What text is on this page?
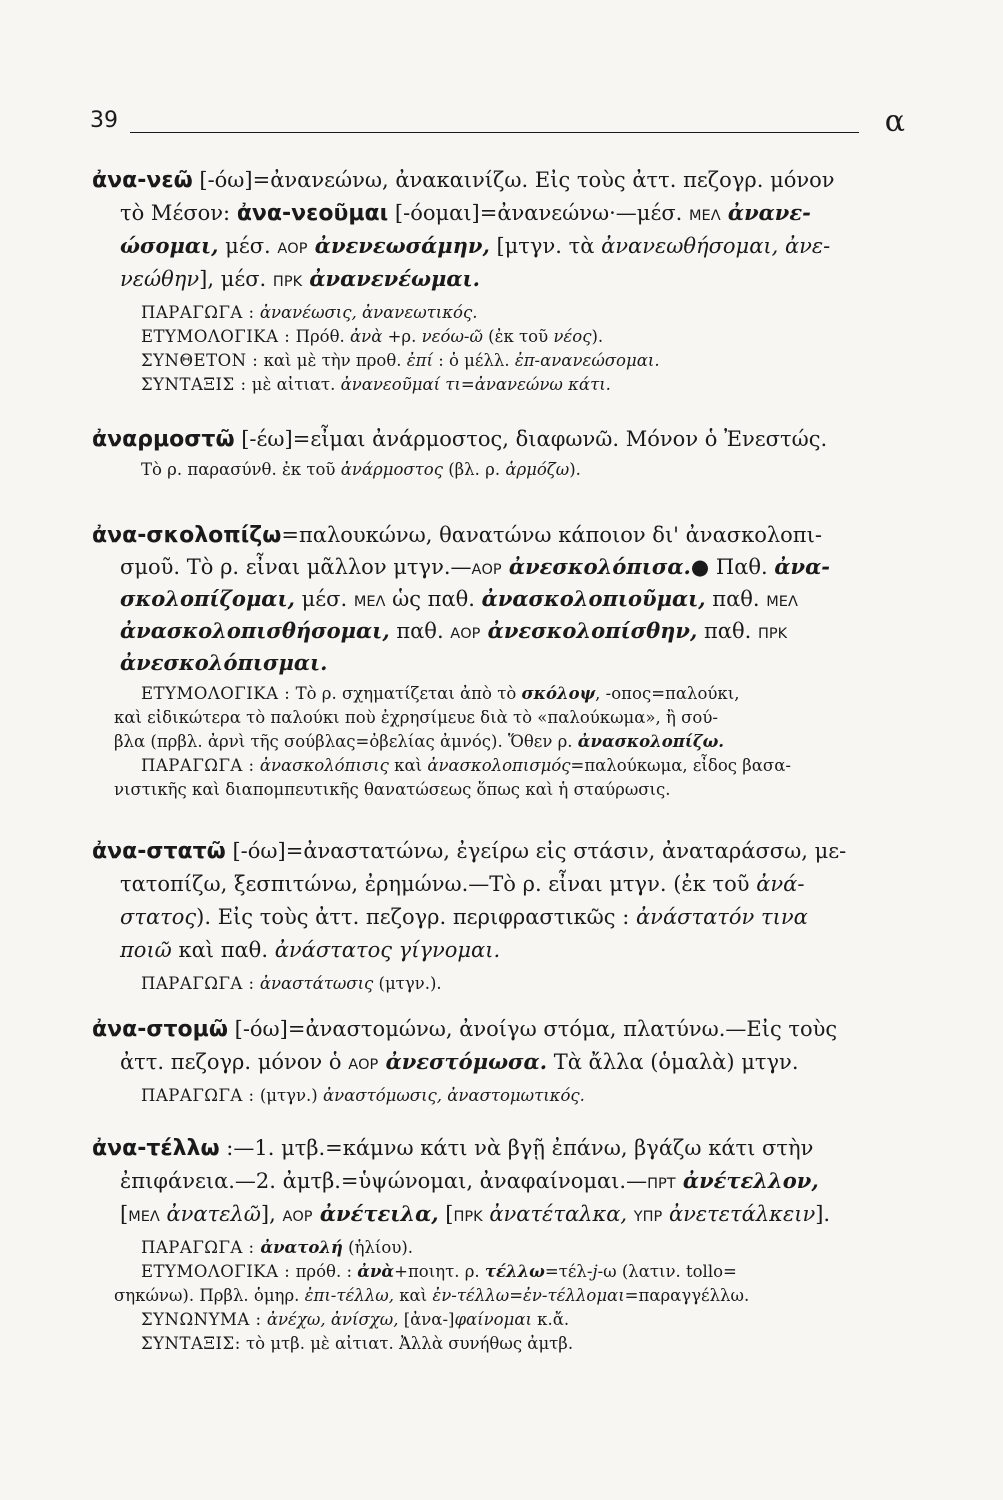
39	α
ἀνα-νεῶ [-όω]=ἀνανεώνω, ἀνακαινίζω. Εἰς τοὺς ἀττ. πεζογρ. μόνον
τὸ Μέσον: ἀνα-νεοῦμαι [-όομαι]=ἀνανεώνω·—μέσ. ΜΕΛ ἀνανε-
ώσομαι, μέσ. ΑΟΡ ἀνενεωσάμην, [μτγν. τὰ ἀνανεωθήσομαι, ἀνε-
νεώθην], μέσ. ΠΡΚ ἀνανενέωμαι.
ΠΑΡΑΓΩΓΑ : ἀνανέωσις, ἀνανεωτικός.
ΕΤΥΜΟΛΟΓΙΚΑ : Πρόθ. ἀνὰ +ρ. νεόω-ῶ (ἐκ τοῦ νέος).
ΣΥΝΘΕΤΟΝ : καὶ μὲ τὴν προθ. ἐπί : ὁ μέλλ. ἐπ-ανανεώσομαι.
ΣΥΝΤΑΞΙΣ : μὲ αἰτιατ. ἀνανεοῦμαί τι=ἀνανεώνω κάτι.
ἀναρμοστῶ [-έω]=εἶμαι ἀνάρμοστος, διαφωνῶ. Μόνον ὁ Ἐνεστώς.
Τὸ ρ. παρασύνθ. ἐκ τοῦ ἀνάρμοστος (βλ. ρ. ἁρμόζω).
ἀνα-σκολοπίζω=παλουκώνω, θανατώνω κάποιον δι' ἀνασκολοπι-
σμοῦ. Τὸ ρ. εἶναι μᾶλλον μτγν.—ΑΟΡ ἀνεσκολόπισα.● Παθ. ἀνα-
σκολοπίζομαι, μέσ. ΜΕΛ ὡς παθ. ἀνασκολοπιοῦμαι, παθ. ΜΕΛ
ἀνασκολοπισθήσομαι, παθ. ΑΟΡ ἀνεσκολοπίσθην, παθ. ΠΡΚ
ἀνεσκολόπισμαι.
ΕΤΥΜΟΛΟΓΙΚΑ : Τὸ ρ. σχηματίζεται ἀπὸ τὸ σκόλοψ, -οπος=παλούκι,
καὶ εἰδικώτερα τὸ παλούκι ποὺ ἐχρησίμευε διὰ τὸ «παλούκωμα», ἢ σού-
βλα (πρβλ. ἀρνὶ τῆς σούβλας=ὀβελίας ἀμνός). Ὅθεν ρ. ἀνασκολοπίζω.
ΠΑΡΑΓΩΓΑ : ἀνασκολόπισις καὶ ἀνασκολοπισμός=παλούκωμα, εἶδος βασα-
νιστικῆς καὶ διαπομπευτικῆς θανατώσεως ὅπως καὶ ἡ σταύρωσις.
ἀνα-στατῶ [-όω]=ἀναστατώνω, ἐγείρω εἰς στάσιν, ἀναταράσσω, με-
τατοπίζω, ξεσπιτώνω, ἐρημώνω.—Τὸ ρ. εἶναι μτγν. (ἐκ τοῦ ἀνά-
στατος). Εἰς τοὺς ἀττ. πεζογρ. περιφραστικῶς : ἀνάστατόν τινα
ποιῶ καὶ παθ. ἀνάστατος γίγνομαι.
ΠΑΡΑΓΩΓΑ : ἀναστάτωσις (μτγν.).
ἀνα-στομῶ [-όω]=ἀναστομώνω, ἀνοίγω στόμα, πλατύνω.—Εἰς τοὺς
ἀττ. πεζογρ. μόνον ὁ ΑΟΡ ἀνεστόμωσα. Τὰ ἄλλα (ὁμαλὰ) μτγν.
ΠΑΡΑΓΩΓΑ : (μτγν.) ἀναστόμωσις, ἀναστομωτικός.
ἀνα-τέλλω :—1. μτβ.=κάμνω κάτι νὰ βγῇ ἐπάνω, βγάζω κάτι στὴν
ἐπιφάνεια.—2. ἀμτβ.=ὑψώνομαι, ἀναφαίνομαι.—ΠΡΤ ἀνέτελλον,
[ΜΕΛ ἀνατελῶ], ΑΟΡ ἀνέτειλα, [ΠΡΚ ἀνατέταλκα, ΥΠΡ ἀνετετάλκειν].
ΠΑΡΑΓΩΓΑ : ἀνατολή (ἡλίου).
ΕΤΥΜΟΛΟΓΙΚΑ : πρόθ. : ἀνὰ+ποιητ. ρ. τέλλω=τέλ-j-ω (λατιν. tollo=
σηκώνω). Πρβλ. ὁμηρ. ἐπι-τέλλω, καὶ ἐν-τέλλω=ἐν-τέλλομαι=παραγγέλλω.
ΣΥΝΩΝΥΜΑ : ἀνέχω, ἀνίσχω, [ἀνα-]φαίνομαι κ.ἄ.
ΣΥΝΤΑΞΙΣ: τὸ μτβ. μὲ αἰτιατ. Ἀλλὰ συνήθως ἀμτβ.
